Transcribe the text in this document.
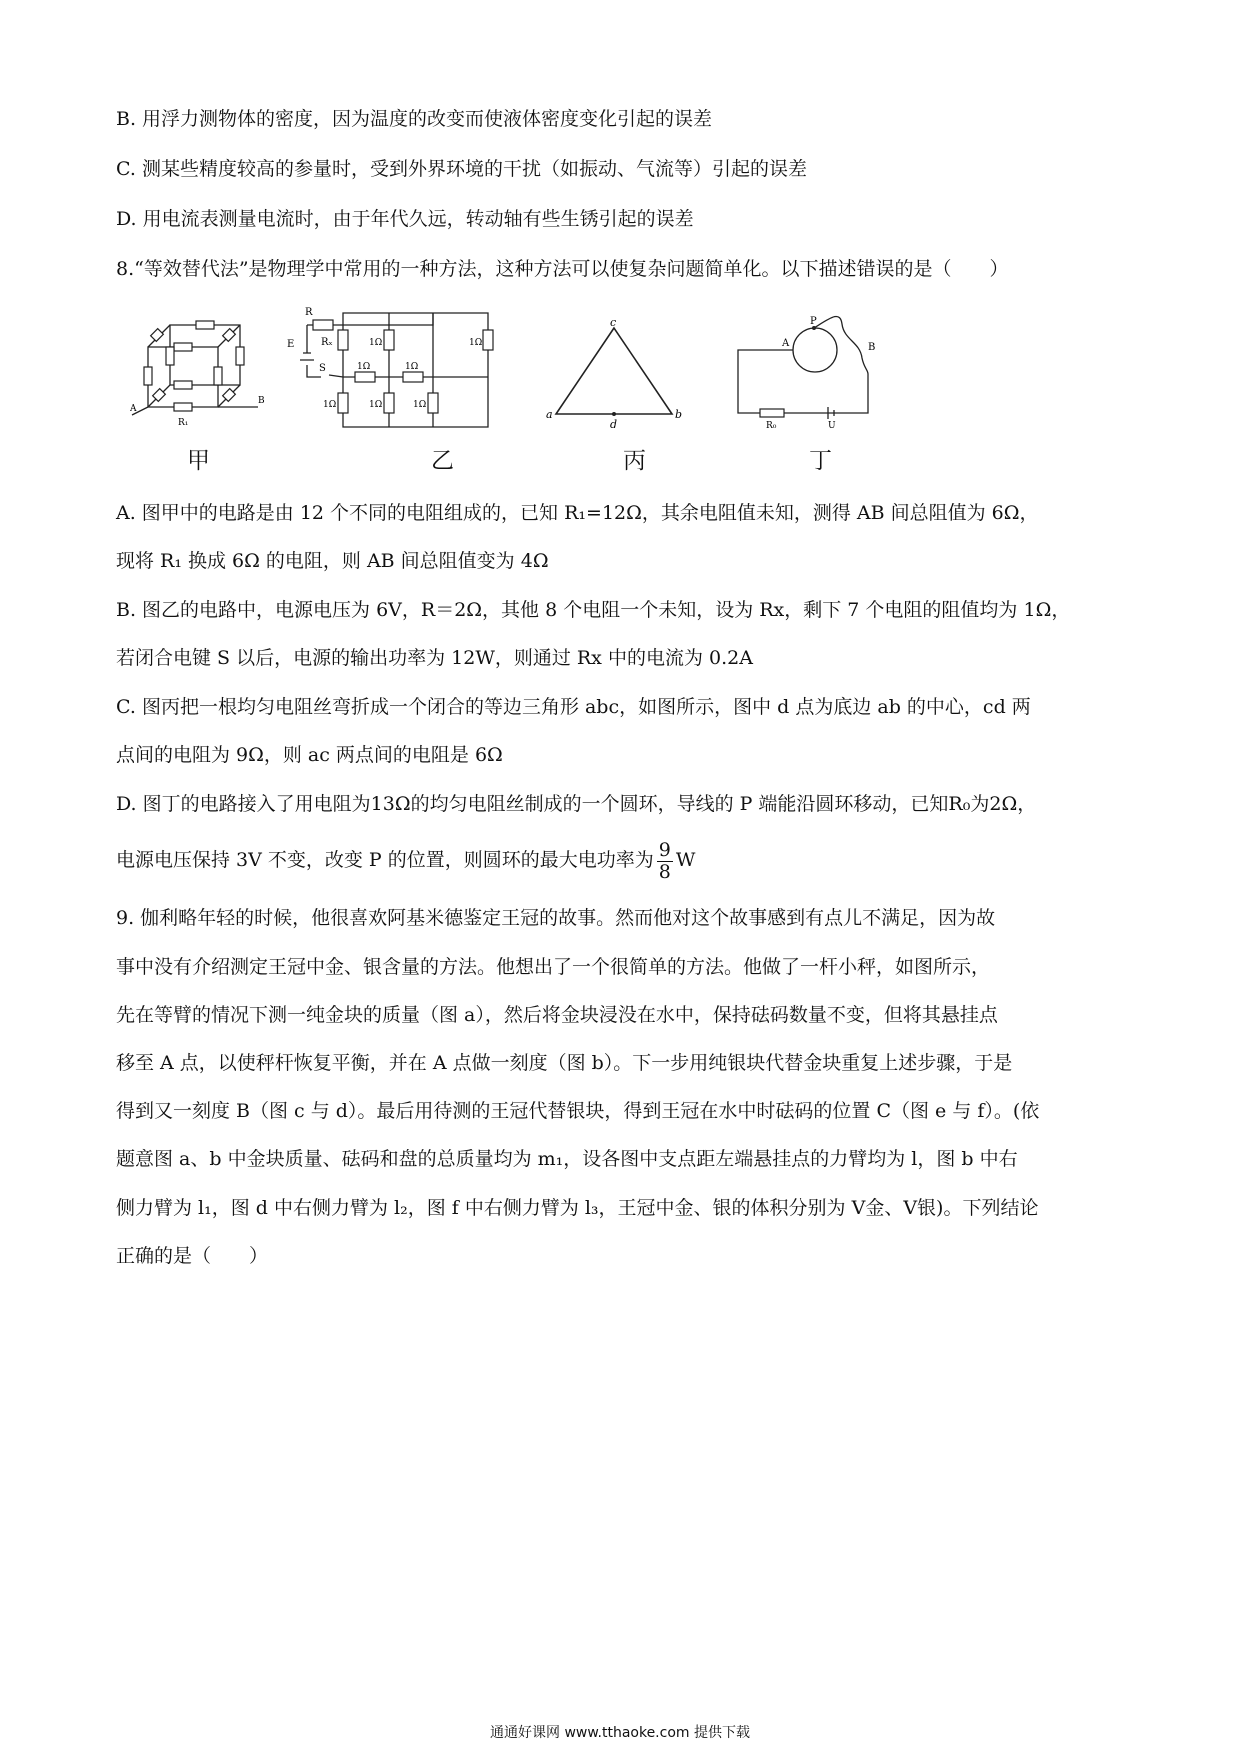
B. 用浮力测物体的密度，因为温度的改变而使液体密度变化引起的误差
C. 测某些精度较高的参量时，受到外界环境的干扰（如振动、气流等）引起的误差
D. 用电流表测量电流时，由于年代久远，转动轴有些生锈引起的误差
8.“等效替代法”是物理学中常用的一种方法，这种方法可以使复杂问题简单化。以下描述错误的是（　　）
A
B
R₁
R
E
S
Rₓ	1Ω	1Ω
1Ω	1Ω
1Ω	1Ω	1Ω
c
a	b
d
A
P
B
R₀	U
甲	乙	丙	丁
A. 图甲中的电路是由 12 个不同的电阻组成的，已知 R₁=12Ω，其余电阻值未知，测得 AB 间总阻值为 6Ω，
现将 R₁ 换成 6Ω 的电阻，则 AB 间总阻值变为 4Ω
B. 图乙的电路中，电源电压为 6V，R＝2Ω，其他 8 个电阻一个未知，设为 Rx，剩下 7 个电阻的阻值均为 1Ω，
若闭合电键 S 以后，电源的输出功率为 12W，则通过 Rx 中的电流为 0.2A
C. 图丙把一根均匀电阻丝弯折成一个闭合的等边三角形 abc，如图所示，图中 d 点为底边 ab 的中心，cd 两
点间的电阻为 9Ω，则 ac 两点间的电阻是 6Ω
D. 图丁的电路接入了用电阻为13Ω的均匀电阻丝制成的一个圆环，导线的 P 端能沿圆环移动，已知R₀为2Ω，
电源电压保持 3V 不变，改变 P 的位置，则圆环的最大电功率为 $\frac{9}{8}$ W
9. 伽利略年轻的时候，他很喜欢阿基米德鉴定王冠的故事。然而他对这个故事感到有点儿不满足，因为故
事中没有介绍测定王冠中金、银含量的方法。他想出了一个很简单的方法。他做了一杆小秤，如图所示，
先在等臂的情况下测一纯金块的质量（图 a），然后将金块浸没在水中，保持砝码数量不变，但将其悬挂点
移至 A 点，以使秤杆恢复平衡，并在 A 点做一刻度（图 b）。下一步用纯银块代替金块重复上述步骤，于是
得到又一刻度 B（图 c 与 d）。最后用待测的王冠代替银块，得到王冠在水中时砝码的位置 C（图 e 与 f）。(依
题意图 a、b 中金块质量、砝码和盘的总质量均为 m₁，设各图中支点距左端悬挂点的力臂均为 l，图 b 中右
侧力臂为 l₁，图 d 中右侧力臂为 l₂，图 f 中右侧力臂为 l₃，王冠中金、银的体积分别为 V金、V银)。下列结论
正确的是（　　）
通通好课网 www.tthaoke.com 提供下载
